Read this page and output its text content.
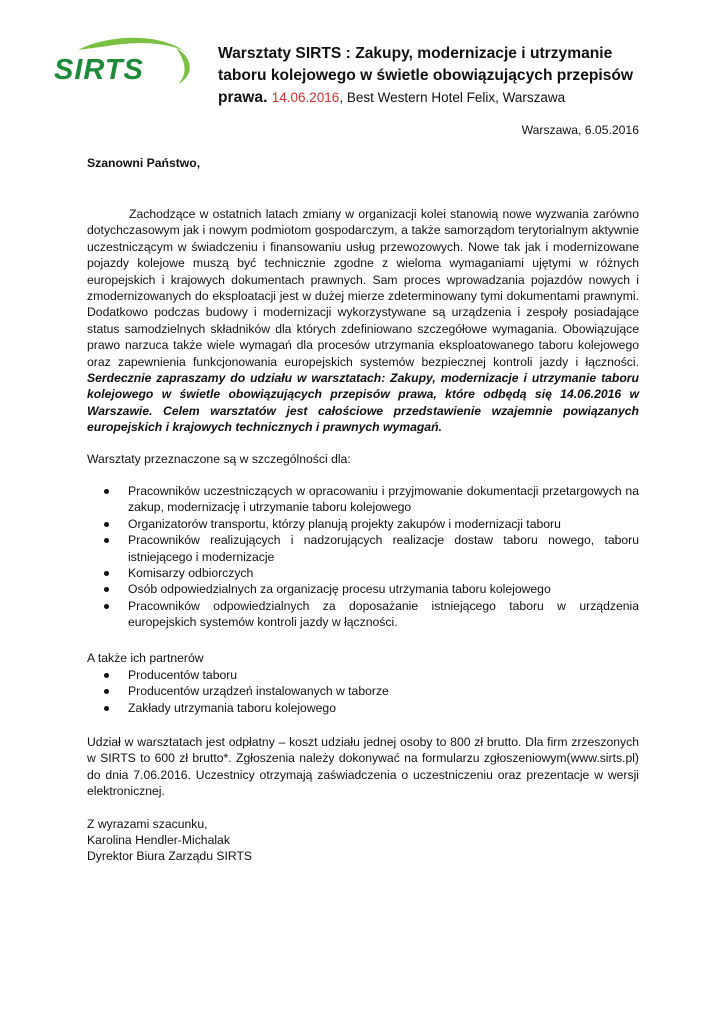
SIRTS

Warsztaty SIRTS : Zakupy, modernizacje i utrzymanie

taboru kolejowego w świetle obowiązujących przepisów

prawa. 14.06.2016, Best Western Hotel Felix, Warszawa

Warszawa, 6.05.2016

Szanowni Państwo,

Zachodzące w ostatnich latach zmiany w organizacji kolei stanowią nowe wyzwania zarówno dotychczasowym jak i nowym podmiotom gospodarczym, a także samorządom terytorialnym aktywnie uczestniczącym w świadczeniu i finansowaniu usług przewozowych. Nowe tak jak i modernizowane pojazdy kolejowe muszą być technicznie zgodne z wieloma wymaganiami ujętymi w różnych europejskich i krajowych dokumentach prawnych. Sam proces wprowadzania pojazdów nowych i zmodernizowanych do eksploatacji jest w dużej mierze zdeterminowany tymi dokumentami prawnymi. Dodatkowo podczas budowy i modernizacji wykorzystywane są urządzenia i zespoły posiadające status samodzielnych składników dla których zdefiniowano szczegółowe wymagania. Obowiązujące prawo narzuca także wiele wymagań dla procesów utrzymania eksploatowanego taboru kolejowego oraz zapewnienia funkcjonowania europejskich systemów bezpiecznej kontroli jazdy i łączności. Serdecznie zapraszamy do udziału w warsztatach: Zakupy, modernizacje i utrzymanie taboru kolejowego w świetle obowiązujących przepisów prawa, które odbędą się 14.06.2016 w Warszawie. Celem warsztatów jest całościowe przedstawienie wzajemnie powiązanych europejskich i krajowych technicznych i prawnych wymagań.

Warsztaty przeznaczone są w szczególności dla:

Pracowników uczestniczących w opracowaniu i przyjmowanie dokumentacji przetargowych na zakup, modernizację i utrzymanie taboru kolejowego
Organizatorów transportu, którzy planują projekty zakupów i modernizacji taboru
Pracowników realizujących i nadzorujących realizacje dostaw taboru nowego, taboru istniejącego i modernizacje
Komisarzy odbiorczych
Osób odpowiedzialnych za organizację procesu utrzymania taboru kolejowego
Pracowników odpowiedzialnych za doposażanie istniejącego taboru w urządzenia europejskich systemów kontroli jazdy w łączności.

A także ich partnerów

Producentów taboru
Producentów urządzeń instalowanych w taborze
Zakłady utrzymania taboru kolejowego

Udział w warsztatach jest odpłatny – koszt udziału jednej osoby to 800 zł brutto. Dla firm zrzeszonych w SIRTS to 600 zł brutto*. Zgłoszenia należy dokonywać na formularzu zgłoszeniowym(www.sirts.pl) do dnia 7.06.2016. Uczestnicy otrzymają zaświadczenia o uczestniczeniu oraz prezentacje w wersji elektronicznej.

Z wyrazami szacunku,

Karolina Hendler-Michalak

Dyrektor Biura Zarządu SIRTS
